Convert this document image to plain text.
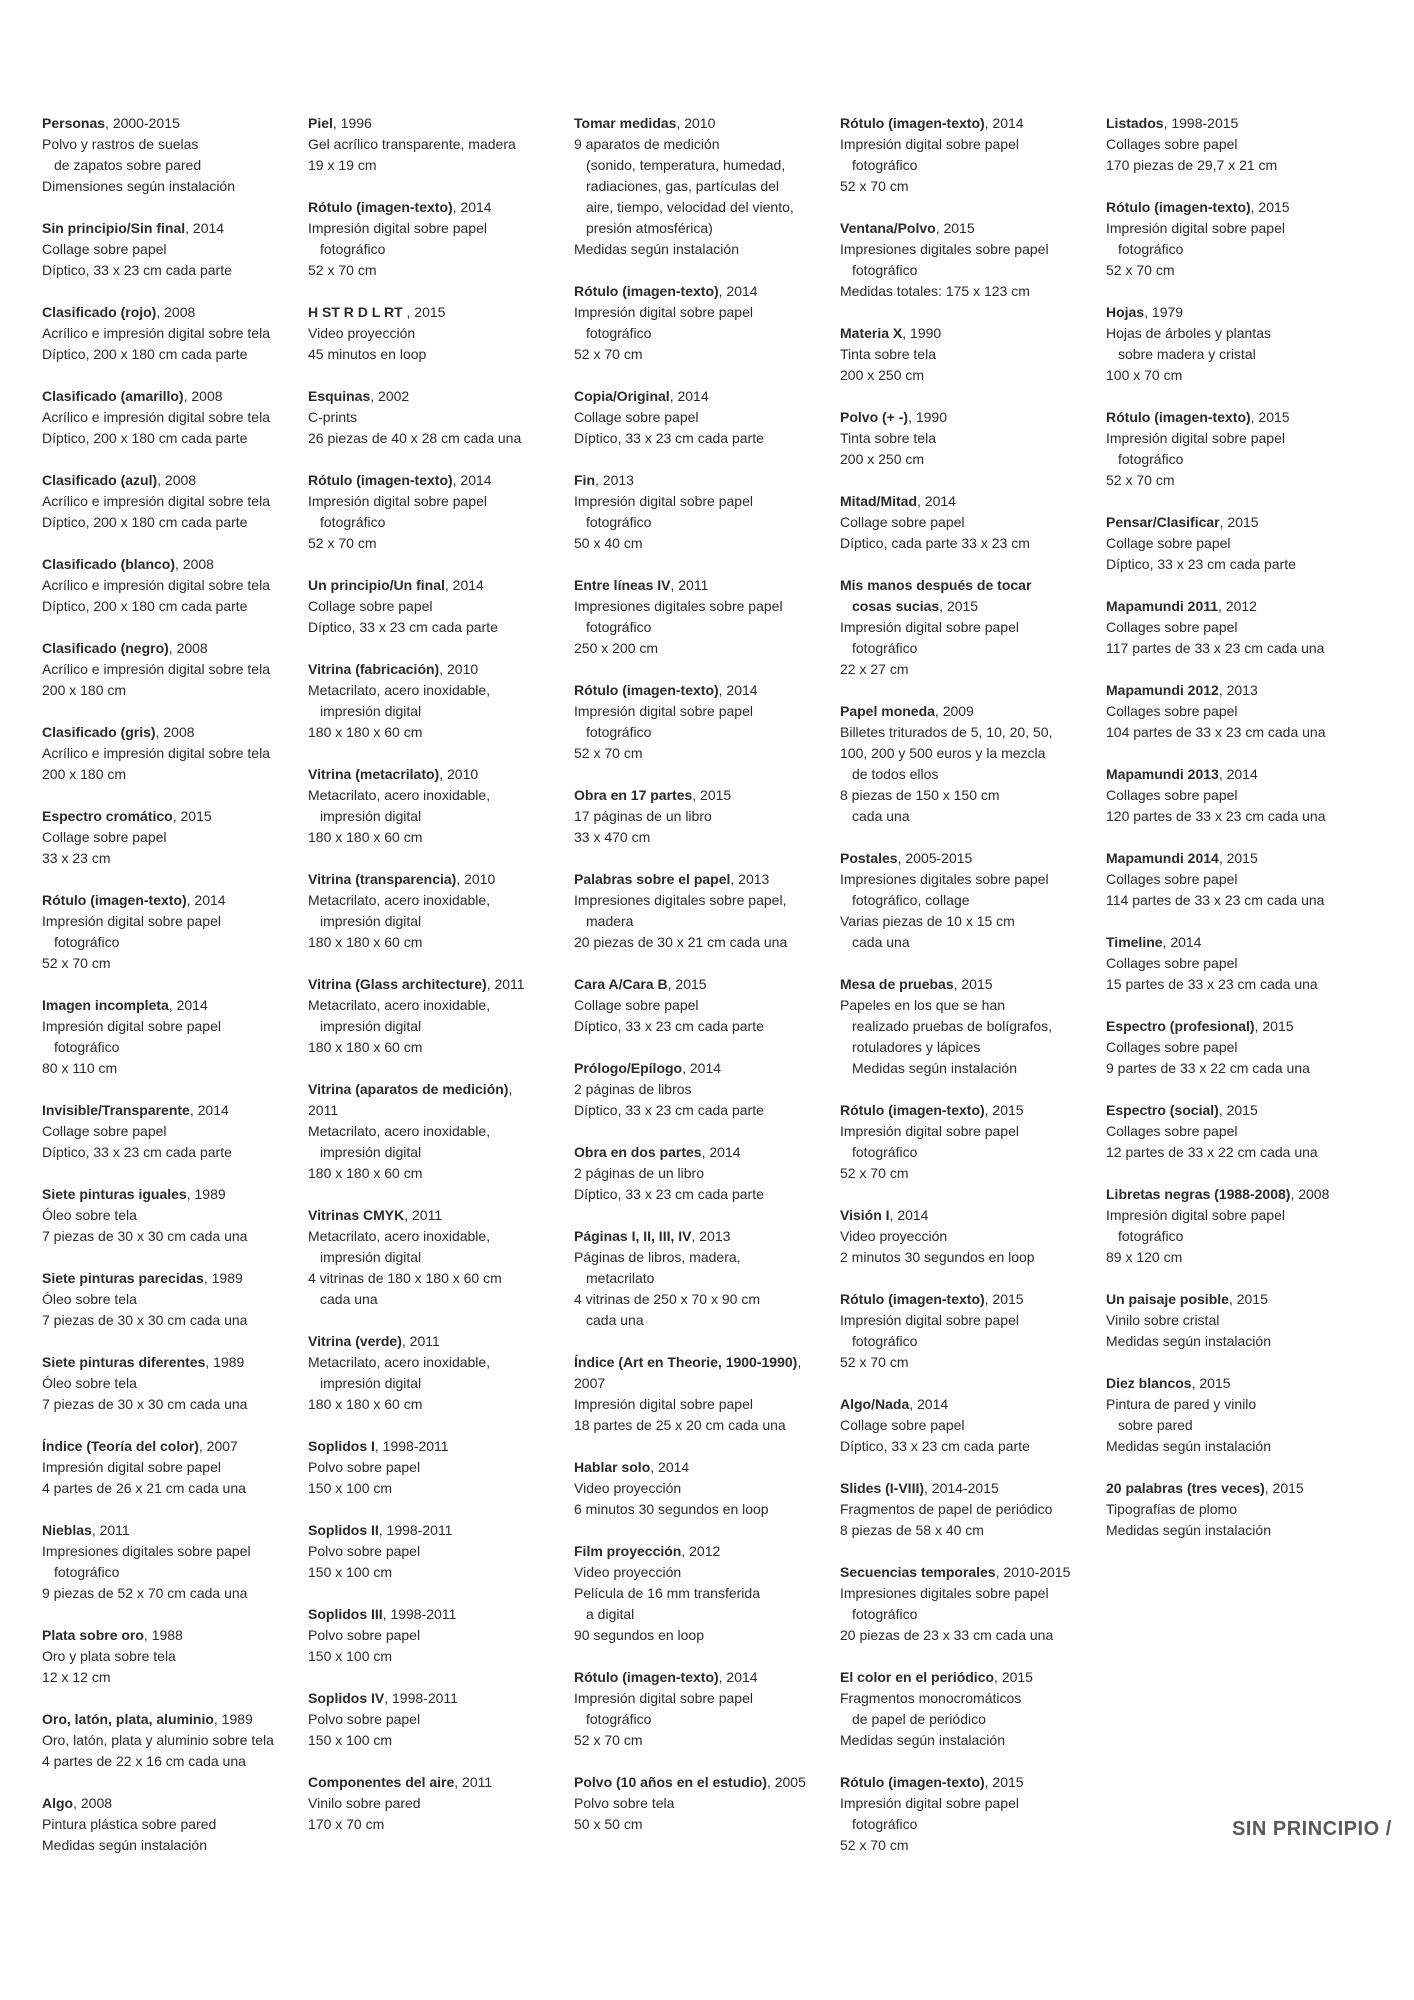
Personas, 2000-2015
Polvo y rastros de suelas
de zapatos sobre pared
Dimensiones según instalación
Sin principio/Sin final, 2014
Collage sobre papel
Díptico, 33 x 23 cm cada parte
Clasificado (rojo), 2008
Acrílico e impresión digital sobre tela
Díptico, 200 x 180 cm cada parte
Clasificado (amarillo), 2008
Acrílico e impresión digital sobre tela
Díptico, 200 x 180 cm cada parte
Clasificado (azul), 2008
Acrílico e impresión digital sobre tela
Díptico, 200 x 180 cm cada parte
Clasificado (blanco), 2008
Acrílico e impresión digital sobre tela
Díptico, 200 x 180 cm cada parte
Clasificado (negro), 2008
Acrílico e impresión digital sobre tela
200 x 180 cm
Clasificado (gris), 2008
Acrílico e impresión digital sobre tela
200 x 180 cm
Espectro cromático, 2015
Collage sobre papel
33 x 23 cm
Rótulo (imagen-texto), 2014
Impresión digital sobre papel
fotográfico
52 x 70 cm
Imagen incompleta, 2014
Impresión digital sobre papel
fotográfico
80 x 110 cm
Invisible/Transparente, 2014
Collage sobre papel
Díptico, 33 x 23 cm cada parte
Siete pinturas iguales, 1989
Óleo sobre tela
7 piezas de 30 x 30 cm cada una
Siete pinturas parecidas, 1989
Óleo sobre tela
7 piezas de 30 x 30 cm cada una
Siete pinturas diferentes, 1989
Óleo sobre tela
7 piezas de 30 x 30 cm cada una
Índice (Teoría del color), 2007
Impresión digital sobre papel
4 partes de 26 x 21 cm cada una
Nieblas, 2011
Impresiones digitales sobre papel
fotográfico
9 piezas de 52 x 70 cm cada una
Plata sobre oro, 1988
Oro y plata sobre tela
12 x 12 cm
Oro, latón, plata, aluminio, 1989
Oro, latón, plata y aluminio sobre tela
4 partes de 22 x 16 cm cada una
Algo, 2008
Pintura plástica sobre pared
Medidas según instalación
Piel, 1996
Gel acrílico transparente, madera
19 x 19 cm
Rótulo (imagen-texto), 2014
Impresión digital sobre papel
fotográfico
52 x 70 cm
H ST R D L RT , 2015
Video proyección
45 minutos en loop
Esquinas, 2002
C-prints
26 piezas de 40 x 28 cm cada una
Rótulo (imagen-texto), 2014
Impresión digital sobre papel
fotográfico
52 x 70 cm
Un principio/Un final, 2014
Collage sobre papel
Díptico, 33 x 23 cm cada parte
Vitrina (fabricación), 2010
Metacrilato, acero inoxidable,
impresión digital
180 x 180 x 60 cm
Vitrina (metacrilato), 2010
Metacrilato, acero inoxidable,
impresión digital
180 x 180 x 60 cm
Vitrina (transparencia), 2010
Metacrilato, acero inoxidable,
impresión digital
180 x 180 x 60 cm
Vitrina (Glass architecture), 2011
Metacrilato, acero inoxidable,
impresión digital
180 x 180 x 60 cm
Vitrina (aparatos de medición),
2011
Metacrilato, acero inoxidable,
impresión digital
180 x 180 x 60 cm
Vitrinas CMYK, 2011
Metacrilato, acero inoxidable,
impresión digital
4 vitrinas de 180 x 180 x 60 cm
cada una
Vitrina (verde), 2011
Metacrilato, acero inoxidable,
impresión digital
180 x 180 x 60 cm
Soplidos I, 1998-2011
Polvo sobre papel
150 x 100 cm
Soplidos II, 1998-2011
Polvo sobre papel
150 x 100 cm
Soplidos III, 1998-2011
Polvo sobre papel
150 x 100 cm
Soplidos IV, 1998-2011
Polvo sobre papel
150 x 100 cm
Componentes del aire, 2011
Vinilo sobre pared
170 x 70 cm
Tomar medidas, 2010
9 aparatos de medición
(sonido, temperatura, humedad,
radiaciones, gas, partículas del
aire, tiempo, velocidad del viento,
presión atmosférica)
Medidas según instalación
Rótulo (imagen-texto), 2014
Impresión digital sobre papel
fotográfico
52 x 70 cm
Copia/Original, 2014
Collage sobre papel
Díptico, 33 x 23 cm cada parte
Fin, 2013
Impresión digital sobre papel
fotográfico
50 x 40 cm
Entre líneas IV, 2011
Impresiones digitales sobre papel
fotográfico
250 x 200 cm
Rótulo (imagen-texto), 2014
Impresión digital sobre papel
fotográfico
52 x 70 cm
Obra en 17 partes, 2015
17 páginas de un libro
33 x 470 cm
Palabras sobre el papel, 2013
Impresiones digitales sobre papel,
madera
20 piezas de 30 x 21 cm cada una
Cara A/Cara B, 2015
Collage sobre papel
Díptico, 33 x 23 cm cada parte
Prólogo/Epílogo, 2014
2 páginas de libros
Díptico, 33 x 23 cm cada parte
Obra en dos partes, 2014
2 páginas de un libro
Díptico, 33 x 23 cm cada parte
Páginas I, II, III, IV, 2013
Páginas de libros, madera,
metacrilato
4 vitrinas de 250 x 70 x 90 cm
cada una
Índice (Art en Theorie, 1900-1990),
2007
Impresión digital sobre papel
18 partes de 25 x 20 cm cada una
Hablar solo, 2014
Video proyección
6 minutos 30 segundos en loop
Film proyección, 2012
Video proyección
Película de 16 mm transferida
a digital
90 segundos en loop
Rótulo (imagen-texto), 2014
Impresión digital sobre papel
fotográfico
52 x 70 cm
Polvo (10 años en el estudio), 2005
Polvo sobre tela
50 x 50 cm
Rótulo (imagen-texto), 2014
Impresión digital sobre papel
fotográfico
52 x 70 cm
Ventana/Polvo, 2015
Impresiones digitales sobre papel
fotográfico
Medidas totales: 175 x 123 cm
Materia X, 1990
Tinta sobre tela
200 x 250 cm
Polvo (+ -), 1990
Tinta sobre tela
200 x 250 cm
Mitad/Mitad, 2014
Collage sobre papel
Díptico, cada parte 33 x 23 cm
Mis manos después de tocar
cosas sucias, 2015
Impresión digital sobre papel
fotográfico
22 x 27 cm
Papel moneda, 2009
Billetes triturados de 5, 10, 20, 50,
100, 200 y 500 euros y la mezcla
de todos ellos
8 piezas de 150 x 150 cm
cada una
Postales, 2005-2015
Impresiones digitales sobre papel
fotográfico, collage
Varias piezas de 10 x 15 cm
cada una
Mesa de pruebas, 2015
Papeles en los que se han
realizado pruebas de bolígrafos,
rotuladores y lápices
Medidas según instalación
Rótulo (imagen-texto), 2015
Impresión digital sobre papel
fotográfico
52 x 70 cm
Visión I, 2014
Video proyección
2 minutos 30 segundos en loop
Rótulo (imagen-texto), 2015
Impresión digital sobre papel
fotográfico
52 x 70 cm
Algo/Nada, 2014
Collage sobre papel
Díptico, 33 x 23 cm cada parte
Slides (I-VIII), 2014-2015
Fragmentos de papel de periódico
8 piezas de 58 x 40 cm
Secuencias temporales, 2010-2015
Impresiones digitales sobre papel
fotográfico
20 piezas de 23 x 33 cm cada una
El color en el periódico, 2015
Fragmentos monocromáticos
de papel de periódico
Medidas según instalación
Rótulo (imagen-texto), 2015
Impresión digital sobre papel
fotográfico
52 x 70 cm
Listados, 1998-2015
Collages sobre papel
170 piezas de 29,7 x 21 cm
Rótulo (imagen-texto), 2015
Impresión digital sobre papel
fotográfico
52 x 70 cm
Hojas, 1979
Hojas de árboles y plantas
sobre madera y cristal
100 x 70 cm
Rótulo (imagen-texto), 2015
Impresión digital sobre papel
fotográfico
52 x 70 cm
Pensar/Clasificar, 2015
Collage sobre papel
Díptico, 33 x 23 cm cada parte
Mapamundi 2011, 2012
Collages sobre papel
117 partes de 33 x 23 cm cada una
Mapamundi 2012, 2013
Collages sobre papel
104 partes de 33 x 23 cm cada una
Mapamundi 2013, 2014
Collages sobre papel
120 partes de 33 x 23 cm cada una
Mapamundi 2014, 2015
Collages sobre papel
114 partes de 33 x 23 cm cada una
Timeline, 2014
Collages sobre papel
15 partes de 33 x 23 cm cada una
Espectro (profesional), 2015
Collages sobre papel
9 partes de 33 x 22 cm cada una
Espectro (social), 2015
Collages sobre papel
12 partes de 33 x 22 cm cada una
Libretas negras (1988-2008), 2008
Impresión digital sobre papel
fotográfico
89 x 120 cm
Un paisaje posible, 2015
Vinilo sobre cristal
Medidas según instalación
Diez blancos, 2015
Pintura de pared y vinilo
sobre pared
Medidas según instalación
20 palabras (tres veces), 2015
Tipografías de plomo
Medidas según instalación
SIN PRINCIPIO /
